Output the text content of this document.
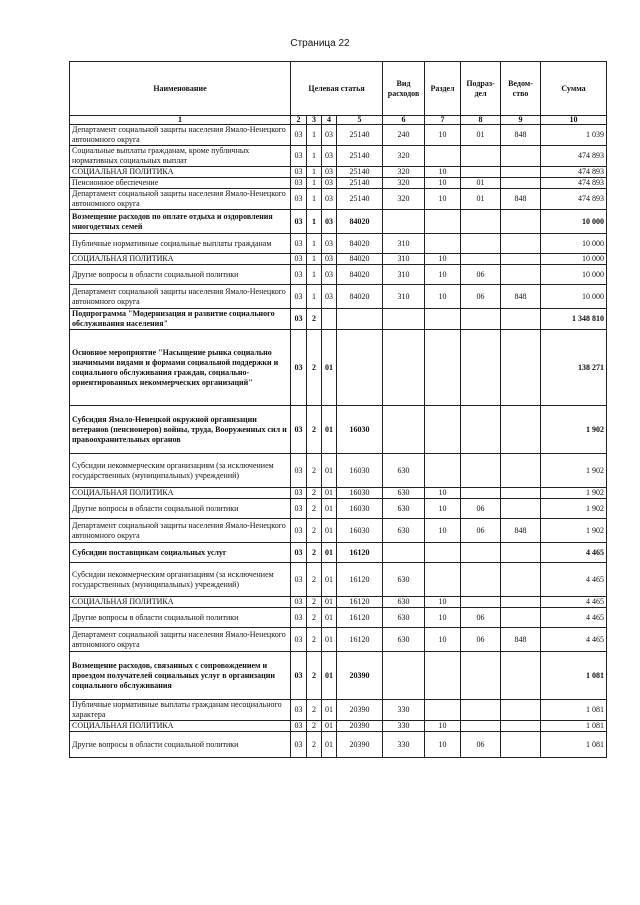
Страница 22
Наименование	Целевая статья				Вид расходов	Раздел	Подраз-дел	Ведом-ство	Сумма
1	2	3	4	5	6	7	8	9	10
Департамент социальной защиты населения Ямало-Ненецкого автономного округа	03	1	03	25140	240	10	01	848	1 039
Социальные выплаты гражданам, кроме публичных нормативных социальных выплат	03	1	03	25140	320				474 893
СОЦИАЛЬНАЯ ПОЛИТИКА	03	1	03	25140	320	10			474 893
Пенсионное обеспечение	03	1	03	25140	320	10	01		474 893
Департамент социальной защиты населения Ямало-Ненецкого автономного округа	03	1	03	25140	320	10	01	848	474 893
Возмещение расходов по оплате отдыха и оздоровления многодетных семей	03	1	03	84020					10 000
Публичные нормативные социальные выплаты гражданам	03	1	03	84020	310				10 000
СОЦИАЛЬНАЯ ПОЛИТИКА	03	1	03	84020	310	10			10 000
Другие вопросы в области социальной политики	03	1	03	84020	310	10	06		10 000
Департамент социальной защиты населения Ямало-Ненецкого автономного округа	03	1	03	84020	310	10	06	848	10 000
Подпрограмма "Модернизация и развитие социального обслуживания населения"	03	2							1 348 810
Основное мероприятие "Насыщение рынка социально значимыми видами и формами социальной поддержки и социального обслуживания граждан, социально-ориентированных некоммерческих организаций"	03	2	01						138 271
Субсидия Ямало-Ненецкой окружной организации ветеранов (пенсионеров) войны, труда, Вооруженных сил и правоохранительных органов	03	2	01	16030					1 902
Субсидии некоммерческим организациям (за исключением государственных (муниципальных) учреждений)	03	2	01	16030	630				1 902
СОЦИАЛЬНАЯ ПОЛИТИКА	03	2	01	16030	630	10			1 902
Другие вопросы в области социальной политики	03	2	01	16030	630	10	06		1 902
Департамент социальной защиты населения Ямало-Ненецкого автономного округа	03	2	01	16030	630	10	06	848	1 902
Субсидии поставщикам социальных услуг	03	2	01	16120					4 465
Субсидии некоммерческим организациям (за исключением государственных (муниципальных) учреждений)	03	2	01	16120	630				4 465
СОЦИАЛЬНАЯ ПОЛИТИКА	03	2	01	16120	630	10			4 465
Другие вопросы в области социальной политики	03	2	01	16120	630	10	06		4 465
Департамент социальной защиты населения Ямало-Ненецкого автономного округа	03	2	01	16120	630	10	06	848	4 465
Возмещение расходов, связанных с сопровождением и проездом получателей социальных услуг в организации социального обслуживания	03	2	01	20390					1 081
Публичные нормативные выплаты гражданам несоциального характера	03	2	01	20390	330				1 081
СОЦИАЛЬНАЯ ПОЛИТИКА	03	2	01	20390	330	10			1 081
Другие вопросы в области социальной политики	03	2	01	20390	330	10	06		1 081
